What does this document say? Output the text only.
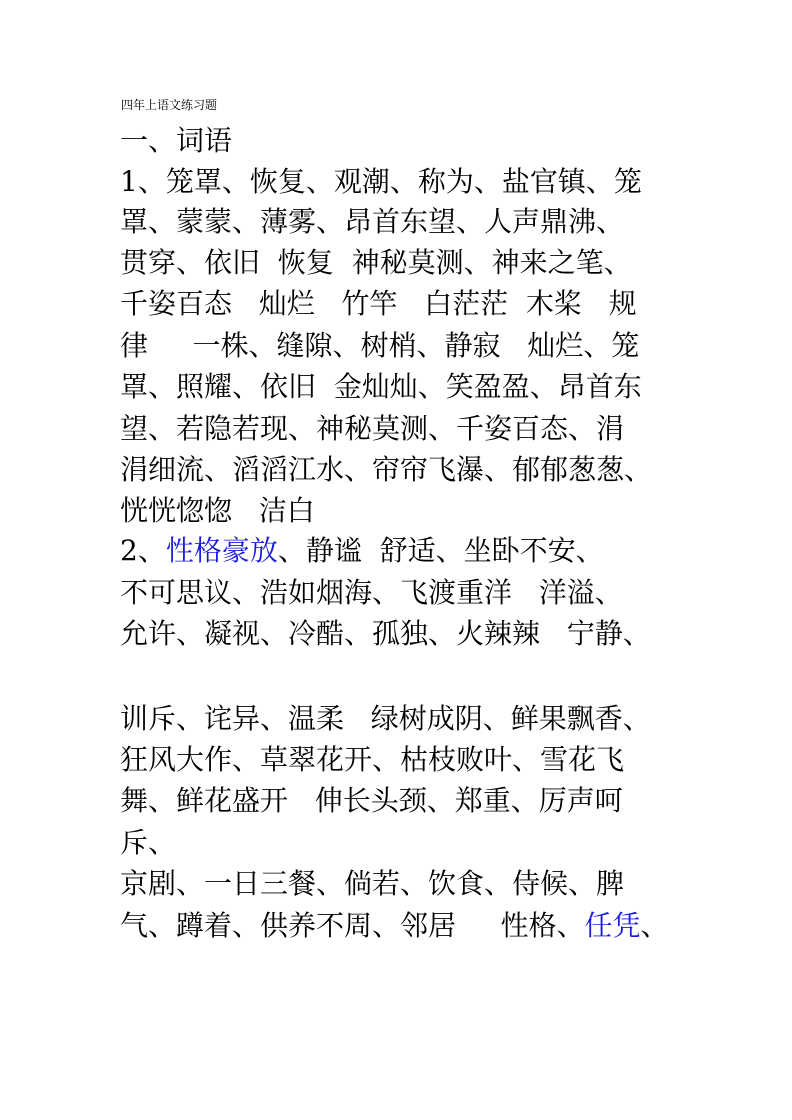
四年上语文练习题
一、词语
1、笼罩、恢复、观潮、称为、盐官镇、笼
罩、蒙蒙、薄雾、昂首东望、人声鼎沸、
贯穿、依旧  恢复  神秘莫测、神来之笔、
千姿百态   灿烂   竹竿   白茫茫  木桨   规
律     一株、缝隙、树梢、静寂   灿烂、笼
罩、照耀、依旧  金灿灿、笑盈盈、昂首东
望、若隐若现、神秘莫测、千姿百态、涓
涓细流、滔滔江水、帘帘飞瀑、郁郁葱葱、
恍恍惚惚   洁白
2、性格豪放、静谧  舒适、坐卧不安、
不可思议、浩如烟海、飞渡重洋   洋溢、
允许、凝视、冷酷、孤独、火辣辣   宁静、
训斥、诧异、温柔   绿树成阴、鲜果飘香、
狂风大作、草翠花开、枯枝败叶、雪花飞
舞、鲜花盛开   伸长头颈、郑重、厉声呵
斥、
京剧、一日三餐、倘若、饮食、侍候、脾
气、蹲着、供养不周、邻居     性格、任凭、
